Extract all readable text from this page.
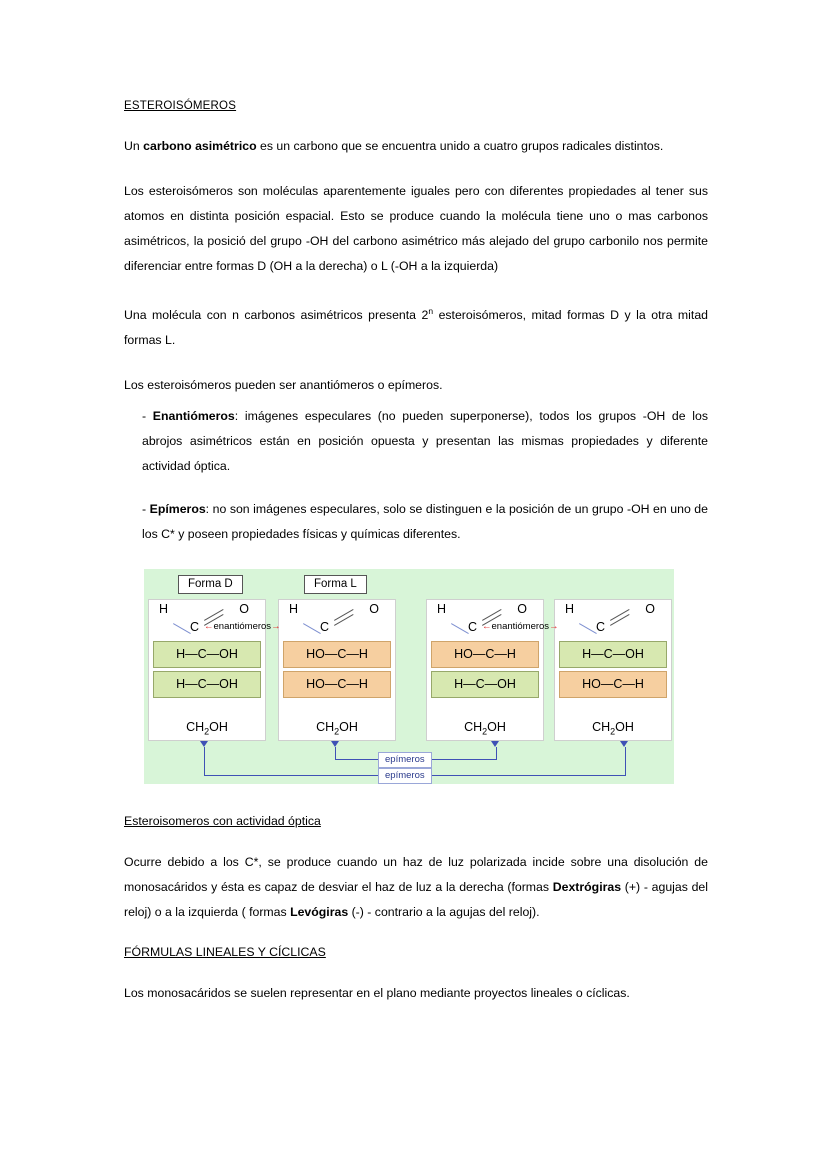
ESTEROISÓMEROS

Un carbono asimétrico es un carbono que se encuentra unido a cuatro grupos radicales distintos.

Los esteroisómeros son moléculas aparentemente iguales pero con diferentes propiedades al tener sus atomos en distinta posición espacial. Esto se produce cuando la molécula tiene uno o mas carbonos asimétricos, la posició del grupo -OH del carbono asimétrico más alejado del grupo carbonilo nos permite diferenciar entre formas D (OH a la derecha) o L (-OH a la izquierda)

Una molécula con n carbonos asimétricos presenta 2$^n$ esteroisómeros, mitad formas D y la otra mitad formas L.

Los esteroisómeros pueden ser anantiómeros o epímeros.

- Enantiómeros: imágenes especulares (no pueden superponerse), todos los grupos -OH de los abrojos asimétricos están en posición opuesta y presentan las mismas propiedades y diferente actividad óptica.

- Epímeros: no son imágenes especulares, solo se distinguen e la posición de un grupo -OH en uno de los C* y poseen propiedades físicas y químicas diferentes.

Forma D	Forma L
H
C
O
H—C—OH
H—C—OH
$CH_2OH$
H
C
O
HO—C—H
HO—C—H
$CH_2OH$
H
C
O
HO—C—H
H—C—OH
$CH_2OH$
H
C
O
H—C—OH
HO—C—H
$CH_2OH$
←enantiómeros→	←enantiómeros→
epímeros
epímeros
Esteroisomeros con actividad óptica

Ocurre debido a los C*, se produce cuando un haz de luz polarizada incide sobre una disolución de monosacáridos y ésta es capaz de desviar el haz de luz a la derecha (formas Dextrógiras (+) - agujas del reloj) o a la izquierda ( formas Levógiras (-) - contrario a la agujas del reloj).

FÓRMULAS LINEALES Y CÍCLICAS

Los monosacáridos se suelen representar en el plano mediante proyectos lineales o cíclicas.
